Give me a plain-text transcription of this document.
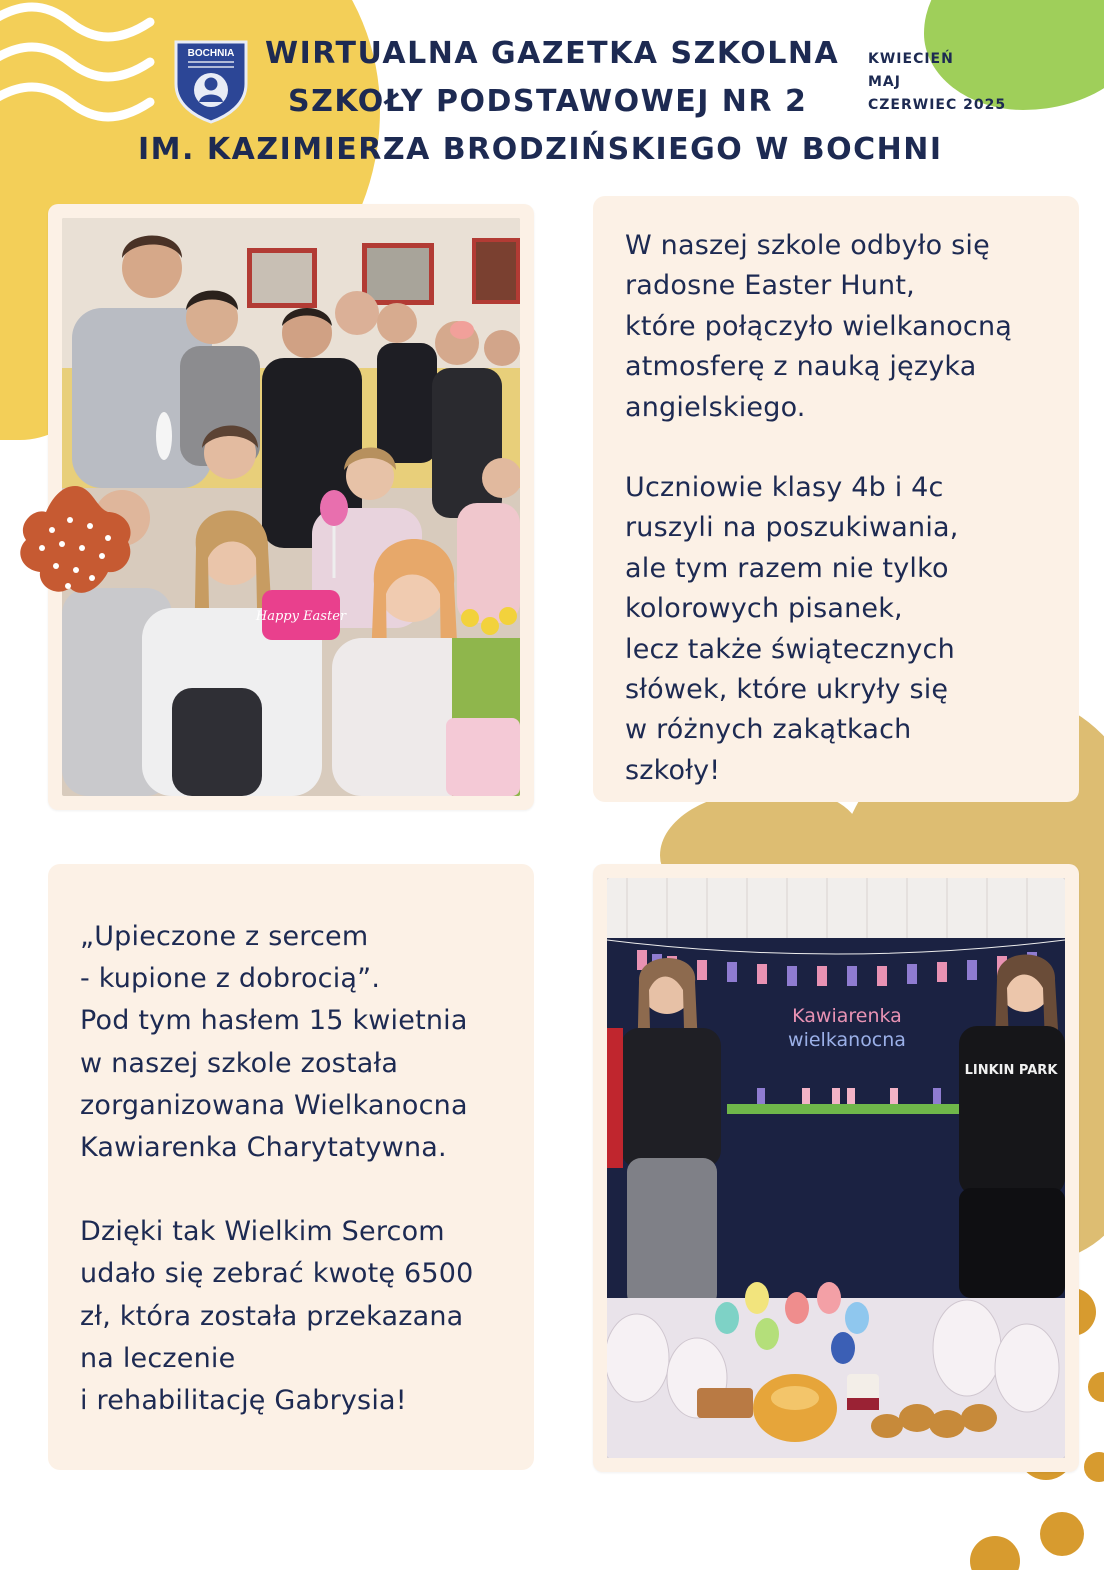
BOCHNIA WIRTUALNA GAZETKA SZKOLNA
SZKOŁY PODSTAWOWEJ NR 2
IM. KAZIMIERZA BRODZIŃSKIEGO W BOCHNI
KWIECIEŃ
MAJ
CZERWIEC 2025
Happy Easter

W naszej szkole odbyło się

radosne Easter Hunt,

które połączyło wielkanocną

atmosferę z nauką języka

angielskiego.

Uczniowie klasy 4b i 4c

ruszyli na poszukiwania,

ale tym razem nie tylko

kolorowych pisanek,

lecz także świątecznych

słówek, które ukryły się

w różnych zakątkach

szkoły!

„Upieczone z sercem

- kupione z dobrocią”.

Pod tym hasłem 15 kwietnia

w naszej szkole została

zorganizowana Wielkanocna

Kawiarenka Charytatywna.

Dzięki tak Wielkim Sercom

udało się zebrać kwotę 6500

zł, która została przekazana

na leczenie

i rehabilitację Gabrysia!

Kawiarenka
wielkanocna
LINKIN PARK
